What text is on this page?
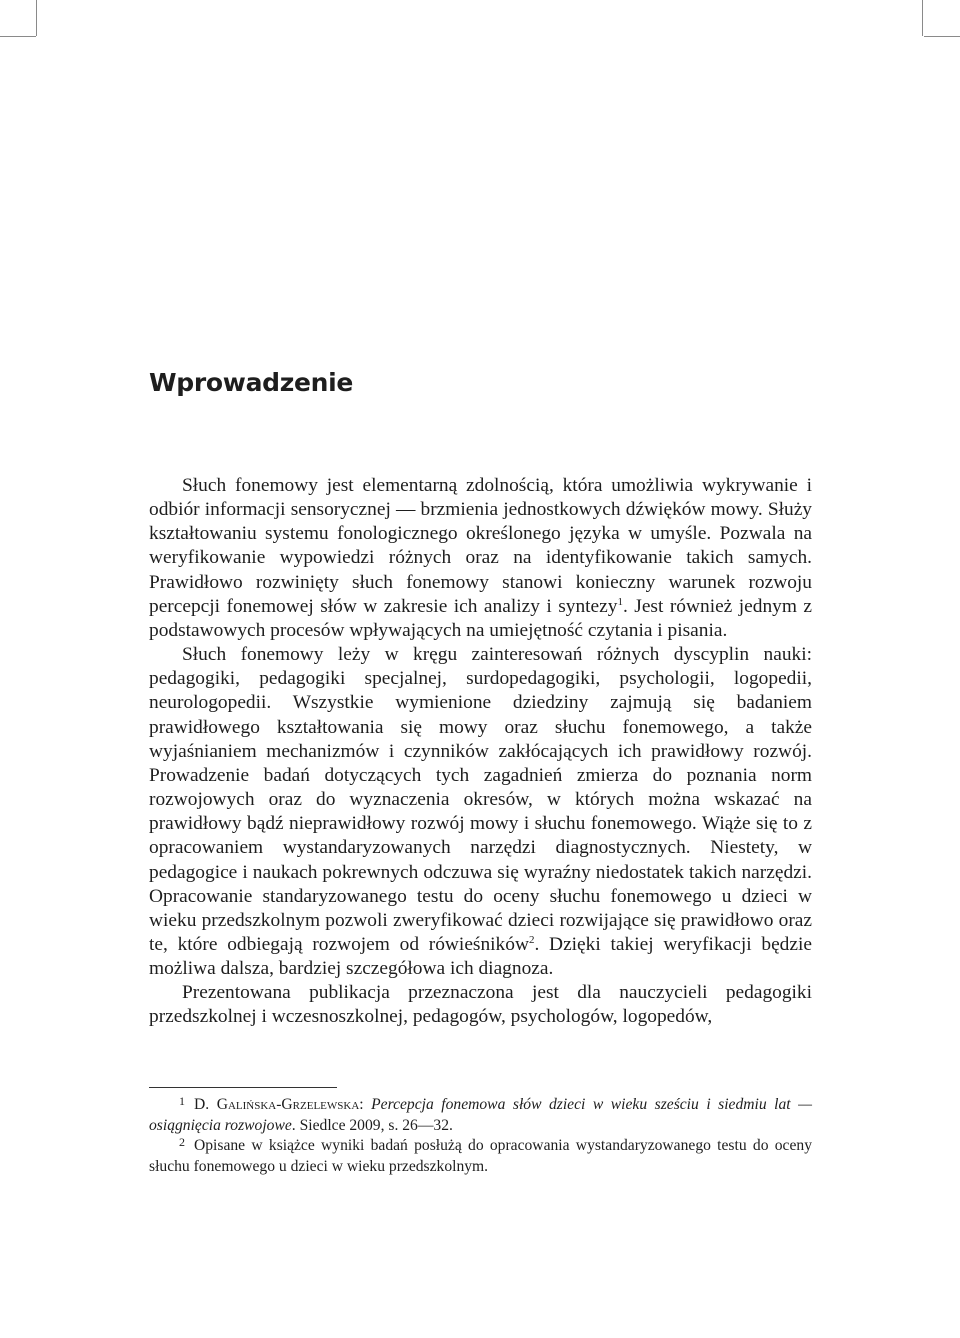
Wprowadzenie

Słuch fonemowy jest elementarną zdolnością, która umożliwia wykrywanie i odbiór informacji sensorycznej — brzmienia jednostkowych dźwięków mowy. Służy kształtowaniu systemu fonologicznego określonego języka w umyśle. Pozwala na weryfikowanie wypowiedzi różnych oraz na identyfikowanie takich samych. Prawidłowo rozwinięty słuch fonemowy stanowi konieczny warunek rozwoju percepcji fonemowej słów w zakresie ich analizy i syntezy$^1$. Jest również jednym z podstawowych procesów wpływających na umiejętność czytania i pisania.

Słuch fonemowy leży w kręgu zainteresowań różnych dyscyplin nauki: pedagogiki, pedagogiki specjalnej, surdopedagogiki, psychologii, logopedii, neurologopedii. Wszystkie wymienione dziedziny zajmują się badaniem prawidłowego kształtowania się mowy oraz słuchu fonemowego, a także wyjaśnianiem mechanizmów i czynników zakłócających ich prawidłowy rozwój. Prowadzenie badań dotyczących tych zagadnień zmierza do poznania norm rozwojowych oraz do wyznaczenia okresów, w których można wskazać na prawidłowy bądź nieprawidłowy rozwój mowy i słuchu fonemowego. Wiąże się to z opracowaniem wystandaryzowanych narzędzi diagnostycznych. Niestety, w pedagogice i naukach pokrewnych odczuwa się wyraźny niedostatek takich narzędzi. Opracowanie standaryzowanego testu do oceny słuchu fonemowego u dzieci w wieku przedszkolnym pozwoli zweryfikować dzieci rozwijające się prawidłowo oraz te, które odbiegają rozwojem od rówieśników$^2$. Dzięki takiej weryfikacji będzie możliwa dalsza, bardziej szczegółowa ich diagnoza.

Prezentowana publikacja przeznaczona jest dla nauczycieli pedagogiki przedszkolnej i wczesnoszkolnej, pedagogów, psychologów, logopedów,

$^1$ D. Galińska-Grzelewska: Percepcja fonemowa słów dzieci w wieku sześciu i siedmiu lat — osiągnięcia rozwojowe. Siedlce 2009, s. 26—32.

$^2$ Opisane w książce wyniki badań posłużą do opracowania wystandaryzowanego testu do oceny słuchu fonemowego u dzieci w wieku przedszkolnym.
